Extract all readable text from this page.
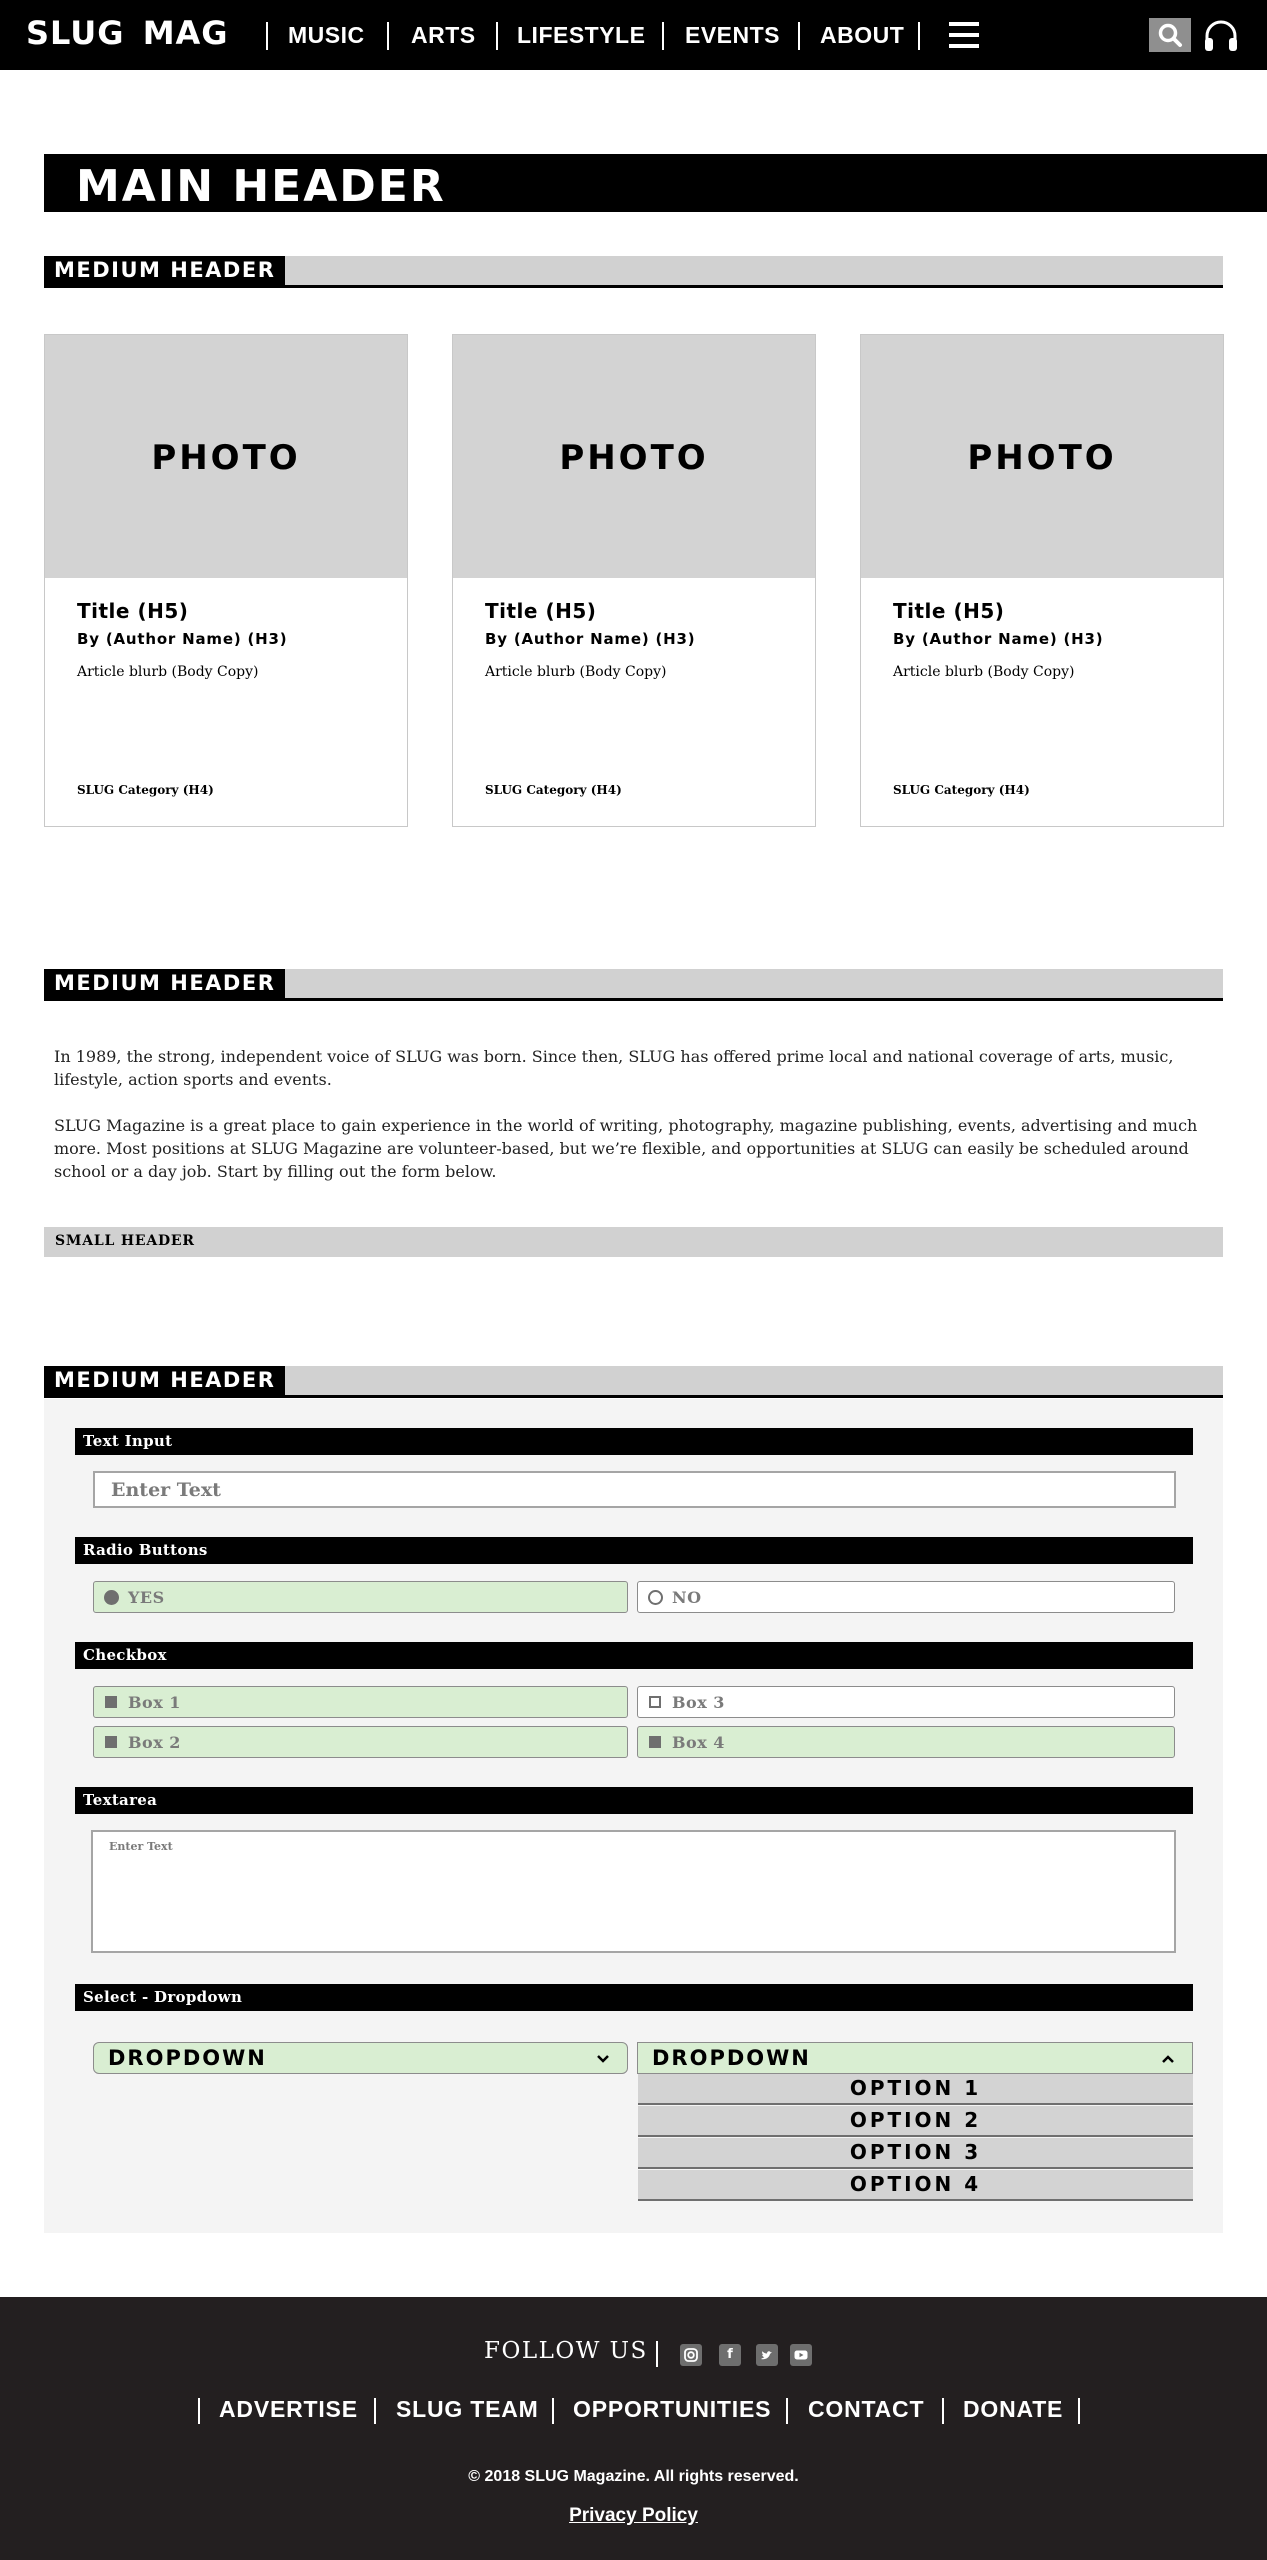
SLUG MAG	MUSIC ARTS LIFESTYLE EVENTS ABOUT
MAIN HEADER
MEDIUM HEADER
PHOTO
Title (H5)
By (Author Name) (H3)
Article blurb (Body Copy)
SLUG Category (H4)
PHOTO
Title (H5)
By (Author Name) (H3)
Article blurb (Body Copy)
SLUG Category (H4)
PHOTO
Title (H5)
By (Author Name) (H3)
Article blurb (Body Copy)
SLUG Category (H4)
MEDIUM HEADER
In 1989, the strong, independent voice of SLUG was born. Since then, SLUG has offered prime local and national coverage of arts, music,
lifestyle, action sports and events.
SLUG Magazine is a great place to gain experience in the world of writing, photography, magazine publishing, events, advertising and much
more. Most positions at SLUG Magazine are volunteer-based, but we’re flexible, and opportunities at SLUG can easily be scheduled around
school or a day job. Start by filling out the form below.
SMALL HEADER
MEDIUM HEADER
Text Input
Enter Text
Radio Buttons
YES	NO
Checkbox
Box 1	Box 3
Box 2	Box 4
Textarea
Enter Text
Select - Dropdown
DROPDOWN	DROPDOWN
OPTION 1
OPTION 2
OPTION 3
OPTION 4
FOLLOW US	f
ADVERTISE SLUG TEAM OPPORTUNITIES CONTACT DONATE
© 2018 SLUG Magazine. All rights reserved.
Privacy Policy
